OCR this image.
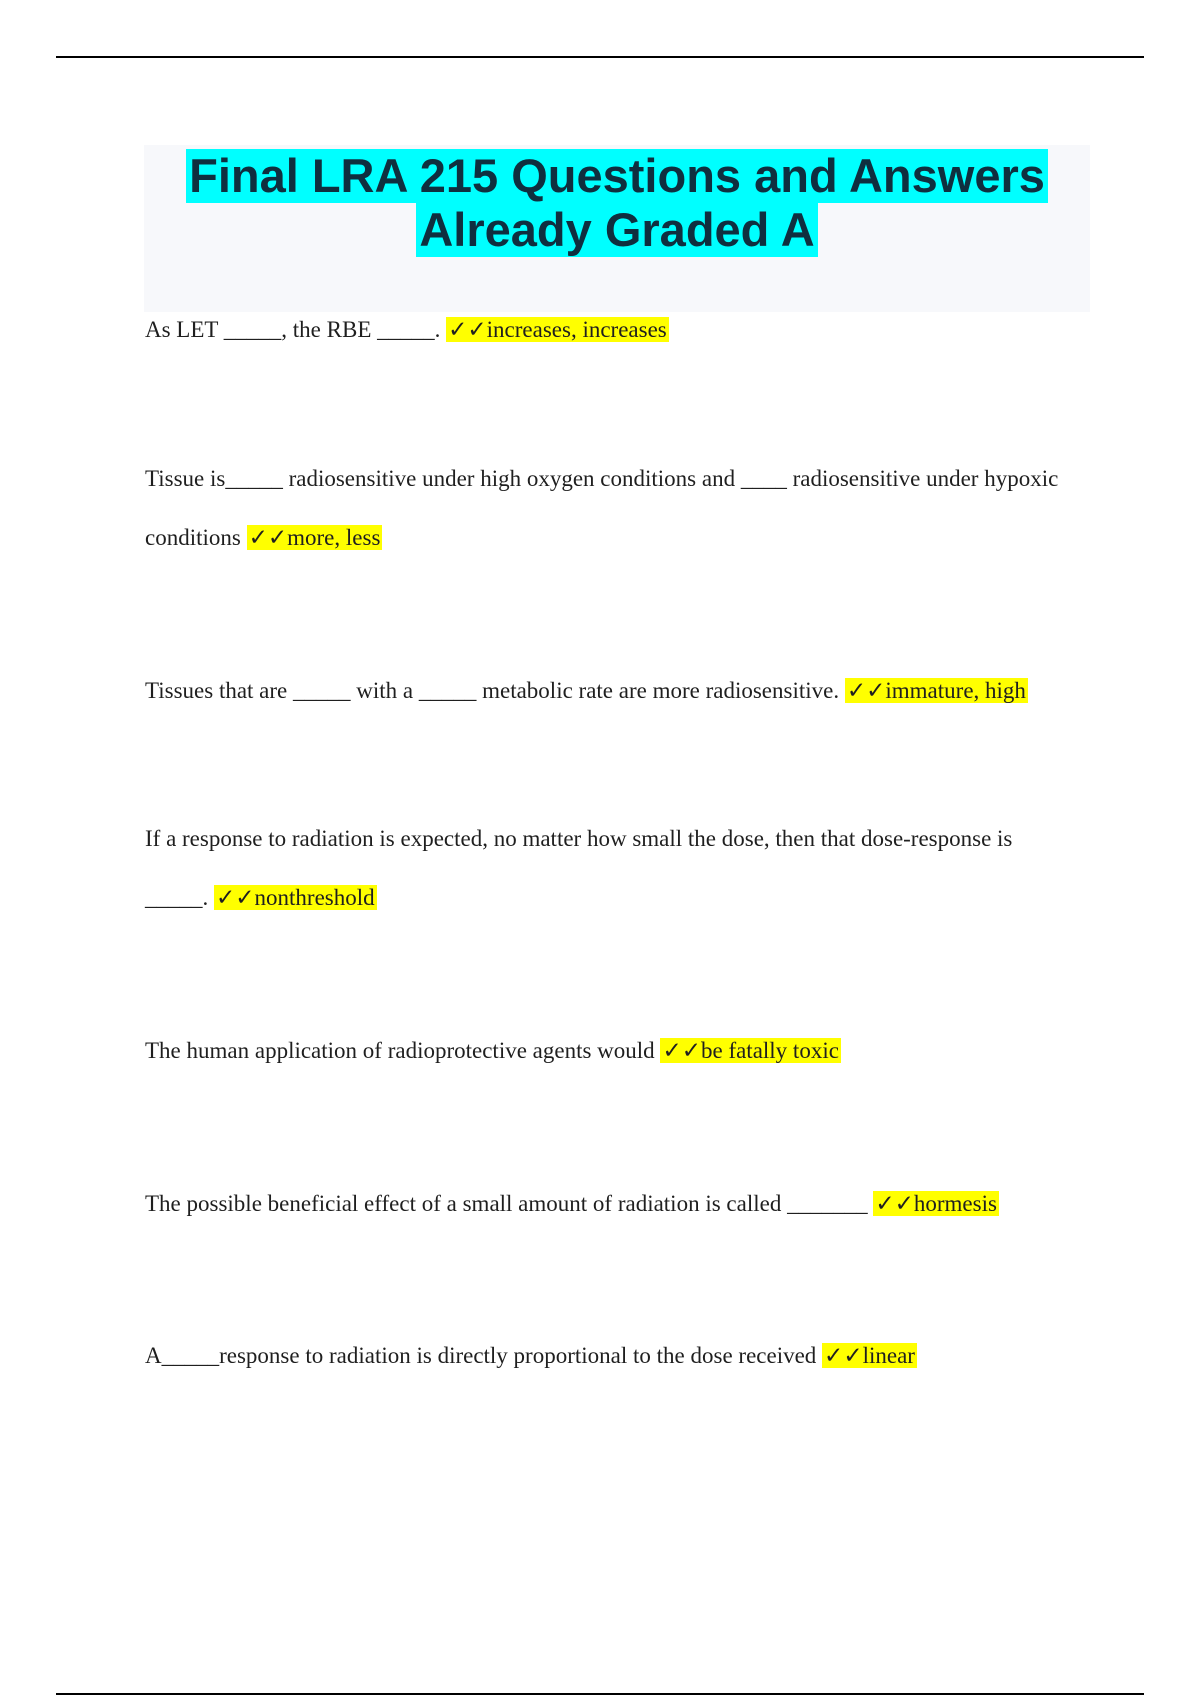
Final LRA 215 Questions and Answers
Already Graded A

As LET _____, the RBE _____. ✓✓increases, increases

Tissue is_____ radiosensitive under high oxygen conditions and ____ radiosensitive under hypoxic conditions ✓✓more, less

Tissues that are _____ with a _____ metabolic rate are more radiosensitive. ✓✓immature, high

If a response to radiation is expected, no matter how small the dose, then that dose-response is _____. ✓✓nonthreshold

The human application of radioprotective agents would ✓✓be fatally toxic

The possible beneficial effect of a small amount of radiation is called _______ ✓✓hormesis

A_____response to radiation is directly proportional to the dose received ✓✓linear
